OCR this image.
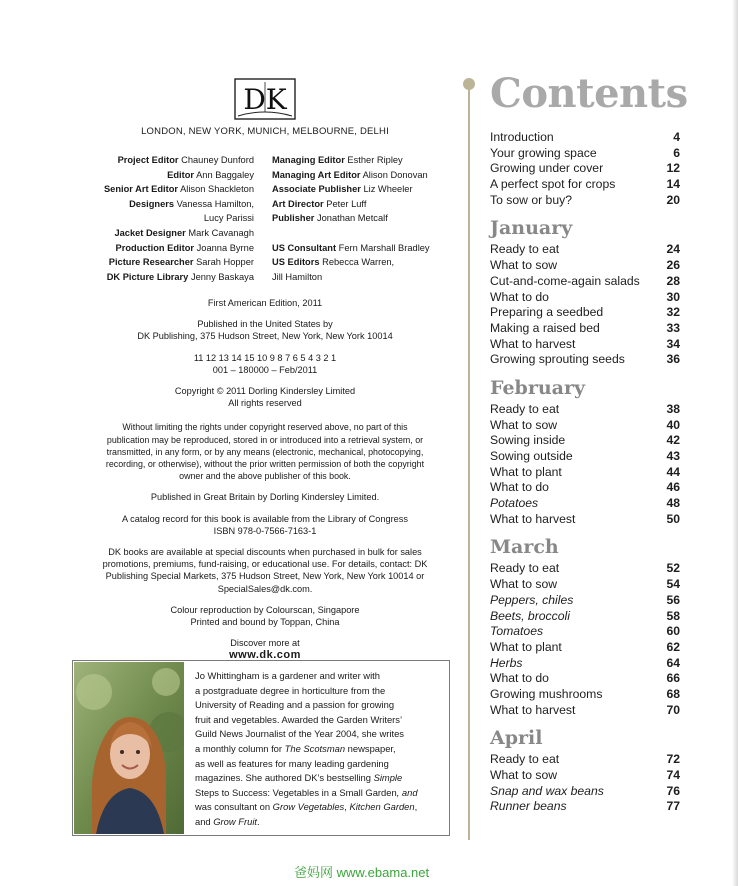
DK
LONDON, NEW YORK, MUNICH, MELBOURNE, DELHI
Project Editor Chauney Dunford
Editor Ann Baggaley
Senior Art Editor Alison Shackleton
Designers Vanessa Hamilton,
Lucy Parissi
Jacket Designer Mark Cavanagh
Production Editor Joanna Byrne
Picture Researcher Sarah Hopper
DK Picture Library Jenny Baskaya
Managing Editor Esther Ripley
Managing Art Editor Alison Donovan
Associate Publisher Liz Wheeler
Art Director Peter Luff
Publisher Jonathan Metcalf
US Consultant Fern Marshall Bradley
US Editors Rebecca Warren,
Jill Hamilton
First American Edition, 2011
Published in the United States by
DK Publishing, 375 Hudson Street, New York, New York 10014
11 12 13 14 15 10 9 8 7 6 5 4 3 2 1
001 – 180000 – Feb/2011
Copyright © 2011 Dorling Kindersley Limited
All rights reserved
Without limiting the rights under copyright reserved above, no part of this
publication may be reproduced, stored in or introduced into a retrieval system, or
transmitted, in any form, or by any means (electronic, mechanical, photocopying,
recording, or otherwise), without the prior written permission of both the copyright
owner and the above publisher of this book.
Published in Great Britain by Dorling Kindersley Limited.
A catalog record for this book is available from the Library of Congress
ISBN 978-0-7566-7163-1
DK books are available at special discounts when purchased in bulk for sales
promotions, premiums, fund-raising, or educational use. For details, contact: DK
Publishing Special Markets, 375 Hudson Street, New York, New York 10014 or
SpecialSales@dk.com.
Colour reproduction by Colourscan, Singapore
Printed and bound by Toppan, China
Discover more at
www.dk.com
Jo Whittingham is a gardener and writer with
a postgraduate degree in horticulture from the
University of Reading and a passion for growing
fruit and vegetables. Awarded the Garden Writers’
Guild News Journalist of the Year 2004, she writes
a monthly column for The Scotsman newspaper,
as well as features for many leading gardening
magazines. She authored DK’s bestselling Simple
Steps to Success: Vegetables in a Small Garden, and
was consultant on Grow Vegetables, Kitchen Garden,
and Grow Fruit.
Contents
Introduction	4
Your growing space	6
Growing under cover	12
A perfect spot for crops	14
To sow or buy?	20
January
Ready to eat	24
What to sow	26
Cut-and-come-again salads 28
What to do	30
Preparing a seedbed	32
Making a raised bed	33
What to harvest	34
Growing sprouting seeds	36
February
Ready to eat	38
What to sow	40
Sowing inside	42
Sowing outside	43
What to plant	44
What to do	46
Potatoes	48
What to harvest	50
March
Ready to eat	52
What to sow	54
Peppers, chiles	56
Beets, broccoli	58
Tomatoes	60
What to plant	62
Herbs	64
What to do	66
Growing mushrooms	68
What to harvest	70
April
Ready to eat	72
What to sow	74
Snap and wax beans	76
Runner beans	77
爸妈网 www.ebama.net
